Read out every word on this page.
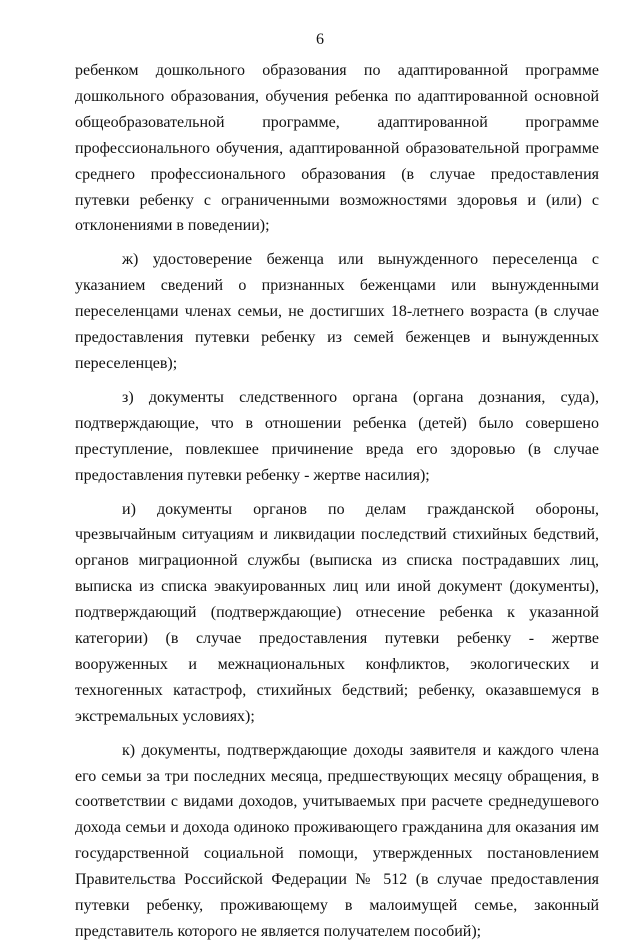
6

ребенком дошкольного образования по адаптированной программе дошкольного образования, обучения ребенка по адаптированной основной общеобразовательной программе, адаптированной программе профессионального обучения, адаптированной образовательной программе среднего профессионального образования (в случае предоставления путевки ребенку с ограниченными возможностями здоровья и (или) с отклонениями в поведении);

ж) удостоверение беженца или вынужденного переселенца с указанием сведений о признанных беженцами или вынужденными переселенцами членах семьи, не достигших 18-летнего возраста (в случае предоставления путевки ребенку из семей беженцев и вынужденных переселенцев);

з) документы следственного органа (органа дознания, суда), подтверждающие, что в отношении ребенка (детей) было совершено преступление, повлекшее причинение вреда его здоровью (в случае предоставления путевки ребенку - жертве насилия);

и) документы органов по делам гражданской обороны, чрезвычайным ситуациям и ликвидации последствий стихийных бедствий, органов миграционной службы (выписка из списка пострадавших лиц, выписка из списка эвакуированных лиц или иной документ (документы), подтверждающий (подтверждающие) отнесение ребенка к указанной категории) (в случае предоставления путевки ребенку - жертве вооруженных и межнациональных конфликтов, экологических и техногенных катастроф, стихийных бедствий; ребенку, оказавшемуся в экстремальных условиях);

к) документы, подтверждающие доходы заявителя и каждого члена его семьи за три последних месяца, предшествующих месяцу обращения, в соответствии с видами доходов, учитываемых при расчете среднедушевого дохода семьи и дохода одиноко проживающего гражданина для оказания им государственной социальной помощи, утвержденных постановлением Правительства Российской Федерации № 512 (в случае предоставления путевки ребенку, проживающему в малоимущей семье, законный представитель которого не является получателем пособий);
